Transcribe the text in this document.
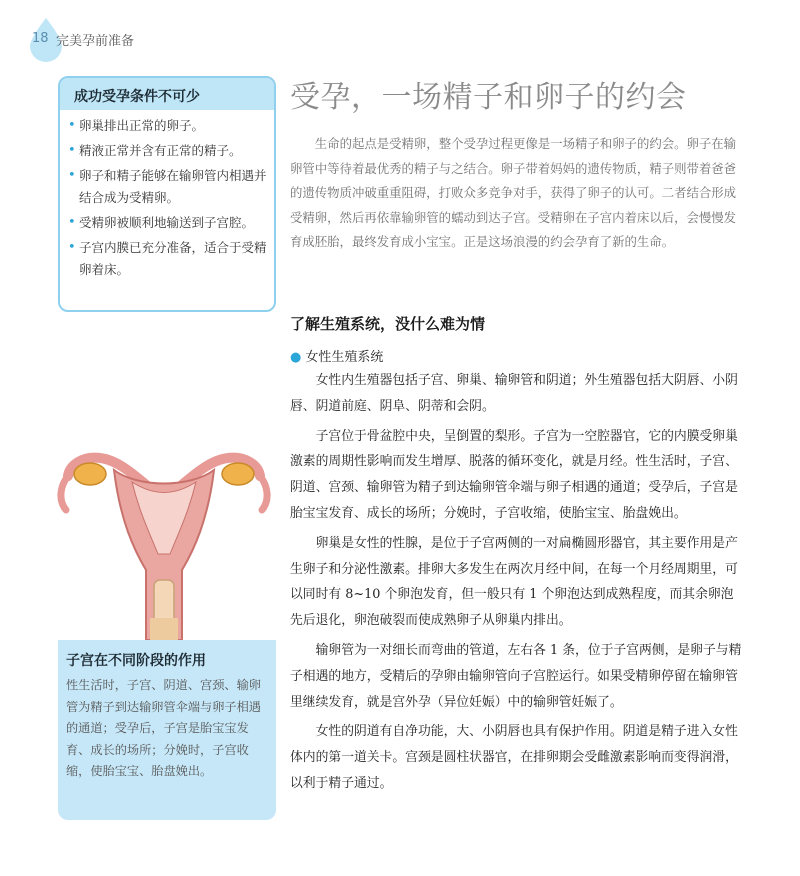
18 完美孕前准备
成功受孕条件不可少
• 卵巢排出正常的卵子。
• 精液正常并含有正常的精子。
• 卵子和精子能够在输卵管内相遇并结合成为受精卵。
• 受精卵被顺利地输送到子宫腔。
• 子宫内膜已充分准备，适合于受精卵着床。
子宫在不同阶段的作用
性生活时，子宫、阴道、宫颈、输卵管为精子到达输卵管伞端与卵子相遇的通道；受孕后，子宫是胎宝宝发育、成长的场所；分娩时，子宫收缩，使胎宝宝、胎盘娩出。
受孕，一场精子和卵子的约会

生命的起点是受精卵，整个受孕过程更像是一场精子和卵子的约会。卵子在输卵管中等待着最优秀的精子与之结合。卵子带着妈妈的遗传物质，精子则带着爸爸的遗传物质冲破重重阻碍，打败众多竞争对手，获得了卵子的认可。二者结合形成受精卵，然后再依靠输卵管的蠕动到达子宫。受精卵在子宫内着床以后，会慢慢发育成胚胎，最终发育成小宝宝。正是这场浪漫的约会孕育了新的生命。

了解生殖系统，没什么难为情
● 女性生殖系统

女性内生殖器包括子宫、卵巢、输卵管和阴道；外生殖器包括大阴唇、小阴唇、阴道前庭、阴阜、阴蒂和会阴。

子宫位于骨盆腔中央，呈倒置的梨形。子宫为一空腔器官，它的内膜受卵巢激素的周期性影响而发生增厚、脱落的循环变化，就是月经。性生活时，子宫、阴道、宫颈、输卵管为精子到达输卵管伞端与卵子相遇的通道；受孕后，子宫是胎宝宝发育、成长的场所；分娩时，子宫收缩，使胎宝宝、胎盘娩出。

卵巢是女性的性腺，是位于子宫两侧的一对扁椭圆形器官，其主要作用是产生卵子和分泌性激素。排卵大多发生在两次月经中间，在每一个月经周期里，可以同时有 8~10 个卵泡发育，但一般只有 1 个卵泡达到成熟程度，而其余卵泡先后退化，卵泡破裂而使成熟卵子从卵巢内排出。

输卵管为一对细长而弯曲的管道，左右各 1 条，位于子宫两侧，是卵子与精子相遇的地方，受精后的孕卵由输卵管向子宫腔运行。如果受精卵停留在输卵管里继续发育，就是宫外孕（异位妊娠）中的输卵管妊娠了。

女性的阴道有自净功能，大、小阴唇也具有保护作用。阴道是精子进入女性体内的第一道关卡。宫颈是圆柱状器官，在排卵期会受雌激素影响而变得润滑，以利于精子通过。
